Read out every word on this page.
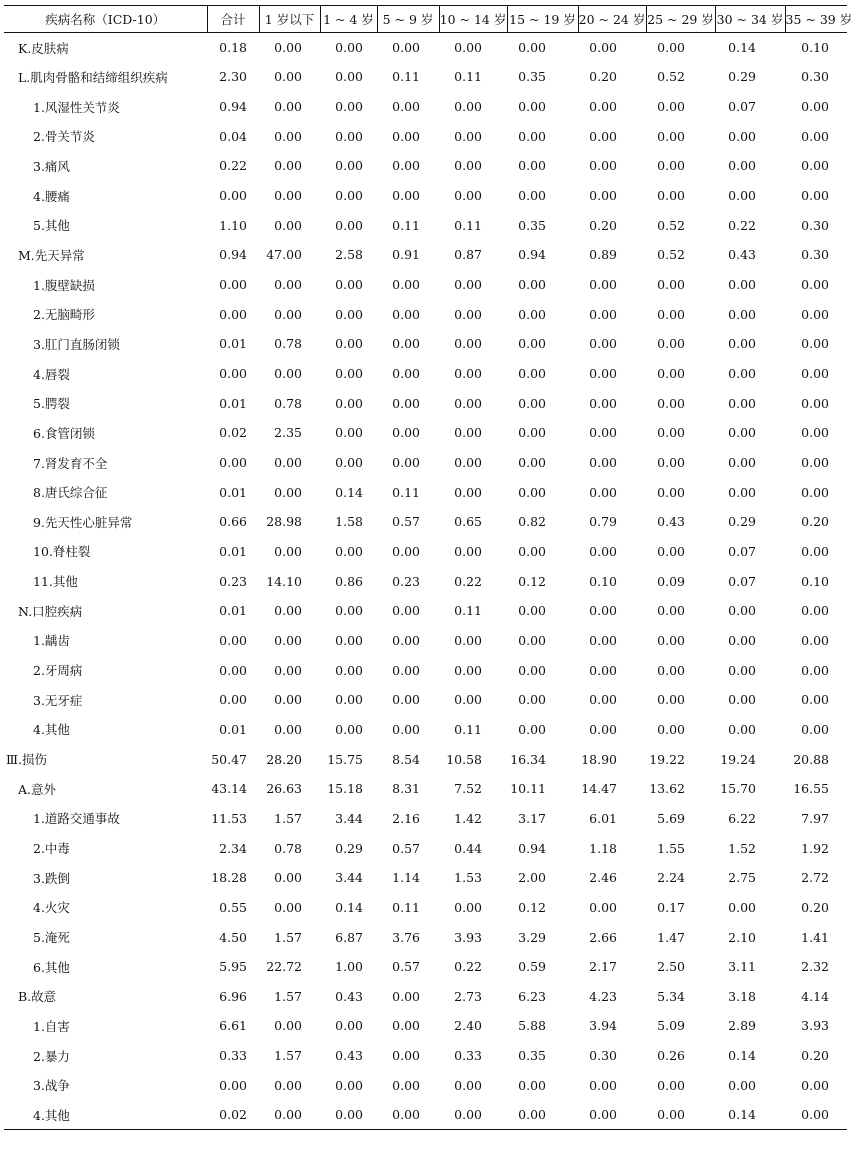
疾病名称（ICD-10）	合计	1 岁以下	1 ~ 4 岁	5 ~ 9 岁	10 ~ 14 岁	15 ~ 19 岁	20 ~ 24 岁	25 ~ 29 岁	30 ~ 34 岁	35 ~ 39 岁
K.皮肤病	0.18	0.00	0.00	0.00	0.00	0.00	0.00	0.00	0.14	0.10
L.肌肉骨骼和结缔组织疾病	2.30	0.00	0.00	0.11	0.11	0.35	0.20	0.52	0.29	0.30
1.风湿性关节炎	0.94	0.00	0.00	0.00	0.00	0.00	0.00	0.00	0.07	0.00
2.骨关节炎	0.04	0.00	0.00	0.00	0.00	0.00	0.00	0.00	0.00	0.00
3.痛风	0.22	0.00	0.00	0.00	0.00	0.00	0.00	0.00	0.00	0.00
4.腰痛	0.00	0.00	0.00	0.00	0.00	0.00	0.00	0.00	0.00	0.00
5.其他	1.10	0.00	0.00	0.11	0.11	0.35	0.20	0.52	0.22	0.30
M.先天异常	0.94	47.00	2.58	0.91	0.87	0.94	0.89	0.52	0.43	0.30
1.腹壁缺损	0.00	0.00	0.00	0.00	0.00	0.00	0.00	0.00	0.00	0.00
2.无脑畸形	0.00	0.00	0.00	0.00	0.00	0.00	0.00	0.00	0.00	0.00
3.肛门直肠闭锁	0.01	0.78	0.00	0.00	0.00	0.00	0.00	0.00	0.00	0.00
4.唇裂	0.00	0.00	0.00	0.00	0.00	0.00	0.00	0.00	0.00	0.00
5.腭裂	0.01	0.78	0.00	0.00	0.00	0.00	0.00	0.00	0.00	0.00
6.食管闭锁	0.02	2.35	0.00	0.00	0.00	0.00	0.00	0.00	0.00	0.00
7.肾发育不全	0.00	0.00	0.00	0.00	0.00	0.00	0.00	0.00	0.00	0.00
8.唐氏综合征	0.01	0.00	0.14	0.11	0.00	0.00	0.00	0.00	0.00	0.00
9.先天性心脏异常	0.66	28.98	1.58	0.57	0.65	0.82	0.79	0.43	0.29	0.20
10.脊柱裂	0.01	0.00	0.00	0.00	0.00	0.00	0.00	0.00	0.07	0.00
11.其他	0.23	14.10	0.86	0.23	0.22	0.12	0.10	0.09	0.07	0.10
N.口腔疾病	0.01	0.00	0.00	0.00	0.11	0.00	0.00	0.00	0.00	0.00
1.龋齿	0.00	0.00	0.00	0.00	0.00	0.00	0.00	0.00	0.00	0.00
2.牙周病	0.00	0.00	0.00	0.00	0.00	0.00	0.00	0.00	0.00	0.00
3.无牙症	0.00	0.00	0.00	0.00	0.00	0.00	0.00	0.00	0.00	0.00
4.其他	0.01	0.00	0.00	0.00	0.11	0.00	0.00	0.00	0.00	0.00
Ⅲ.损伤	50.47	28.20	15.75	8.54	10.58	16.34	18.90	19.22	19.24	20.88
A.意外	43.14	26.63	15.18	8.31	7.52	10.11	14.47	13.62	15.70	16.55
1.道路交通事故	11.53	1.57	3.44	2.16	1.42	3.17	6.01	5.69	6.22	7.97
2.中毒	2.34	0.78	0.29	0.57	0.44	0.94	1.18	1.55	1.52	1.92
3.跌倒	18.28	0.00	3.44	1.14	1.53	2.00	2.46	2.24	2.75	2.72
4.火灾	0.55	0.00	0.14	0.11	0.00	0.12	0.00	0.17	0.00	0.20
5.淹死	4.50	1.57	6.87	3.76	3.93	3.29	2.66	1.47	2.10	1.41
6.其他	5.95	22.72	1.00	0.57	0.22	0.59	2.17	2.50	3.11	2.32
B.故意	6.96	1.57	0.43	0.00	2.73	6.23	4.23	5.34	3.18	4.14
1.自害	6.61	0.00	0.00	0.00	2.40	5.88	3.94	5.09	2.89	3.93
2.暴力	0.33	1.57	0.43	0.00	0.33	0.35	0.30	0.26	0.14	0.20
3.战争	0.00	0.00	0.00	0.00	0.00	0.00	0.00	0.00	0.00	0.00
4.其他	0.02	0.00	0.00	0.00	0.00	0.00	0.00	0.00	0.14	0.00
